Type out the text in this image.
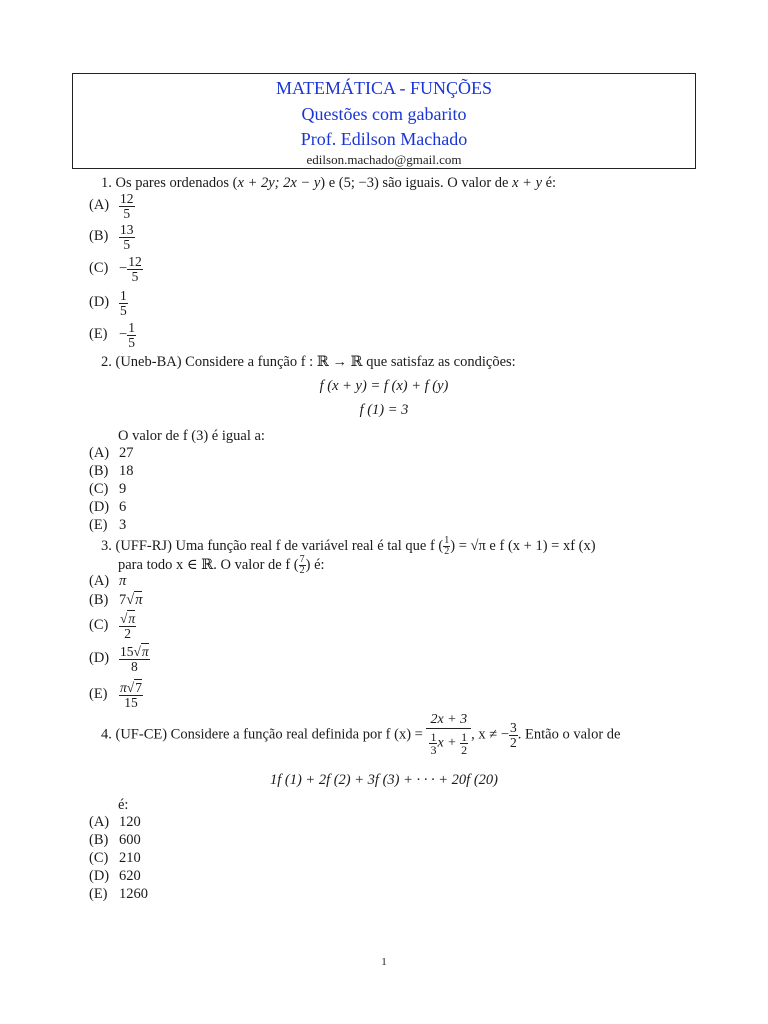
MATEMÁTICA - FUNÇÕES
Questões com gabarito
Prof. Edilson Machado
edilson.machado@gmail.com
1. Os pares ordenados (x + 2y; 2x − y) e (5; −3) são iguais. O valor de x + y é:
$(A) \frac{12}{5}$
$(B) \frac{13}{5}$
$(C) - \frac{12}{5}$
$(D) \frac{1}{5}$
$(E) - \frac{1}{5}$
2. (Uneb-BA) Considere a função f : ℝ → ℝ que satisfaz as condições:
f (x + y) = f (x) + f (y)
f (1) = 3
O valor de f (3) é igual a:
(A) 27
(B) 18
(C) 9
(D) 6
(E) 3
3. (UFF-RJ) Uma função real f de variável real é tal que f ( $\frac{1}{2}$ ) = √π e f (x + 1) = xf (x)
para todo x ∈ ℝ. O valor de f ( $\frac{7}{2}$ ) é:
(A) π
(B) 7√π
$(C) \frac{√\pi}{2}$
$(D) \frac{15√\pi}{8}$
$(E) \frac{\pi√7}{15}$
4. (UF-CE) Considere a função real definida por f $(x) = \frac{2x + 3}{\frac{1}{3} x + \frac{1}{2}}$ , x ≠ − $\frac{3}{2}$ . Então o valor de
1f (1) + 2f (2) + 3f (3) + · · · + 20f (20)
é:
(A) 120
(B) 600
(C) 210
(D) 620
(E) 1260
1
